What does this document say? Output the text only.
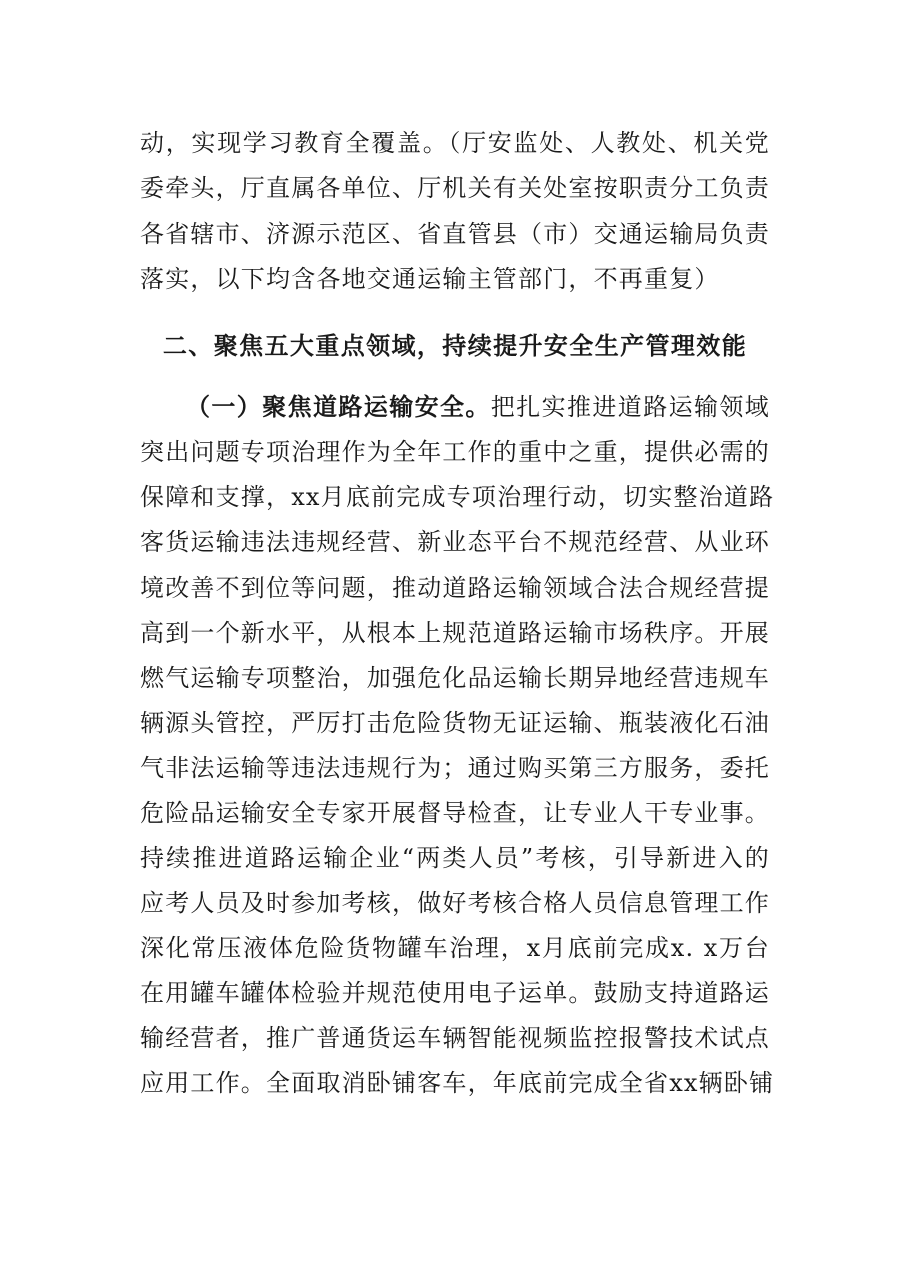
动，实现学习教育全覆盖。（厅安监处、人教处、机关党
委牵头，厅直属各单位、厅机关有关处室按职责分工负责
各省辖市、济源示范区、省直管县（市）交通运输局负责
落实，以下均含各地交通运输主管部门，不再重复）
二、聚焦五大重点领域，持续提升安全生产管理效能
（一）聚焦道路运输安全。把扎实推进道路运输领域
突出问题专项治理作为全年工作的重中之重，提供必需的
保障和支撑，xx月底前完成专项治理行动，切实整治道路
客货运输违法违规经营、新业态平台不规范经营、从业环
境改善不到位等问题，推动道路运输领域合法合规经营提
高到一个新水平，从根本上规范道路运输市场秩序。开展
燃气运输专项整治，加强危化品运输长期异地经营违规车
辆源头管控，严厉打击危险货物无证运输、瓶装液化石油
气非法运输等违法违规行为；通过购买第三方服务，委托
危险品运输安全专家开展督导检查，让专业人干专业事。
持续推进道路运输企业“两类人员”考核，引导新进入的
应考人员及时参加考核，做好考核合格人员信息管理工作
深化常压液体危险货物罐车治理，x月底前完成x. x万台
在用罐车罐体检验并规范使用电子运单。鼓励支持道路运
输经营者，推广普通货运车辆智能视频监控报警技术试点
应用工作。全面取消卧铺客车，年底前完成全省xx辆卧铺
